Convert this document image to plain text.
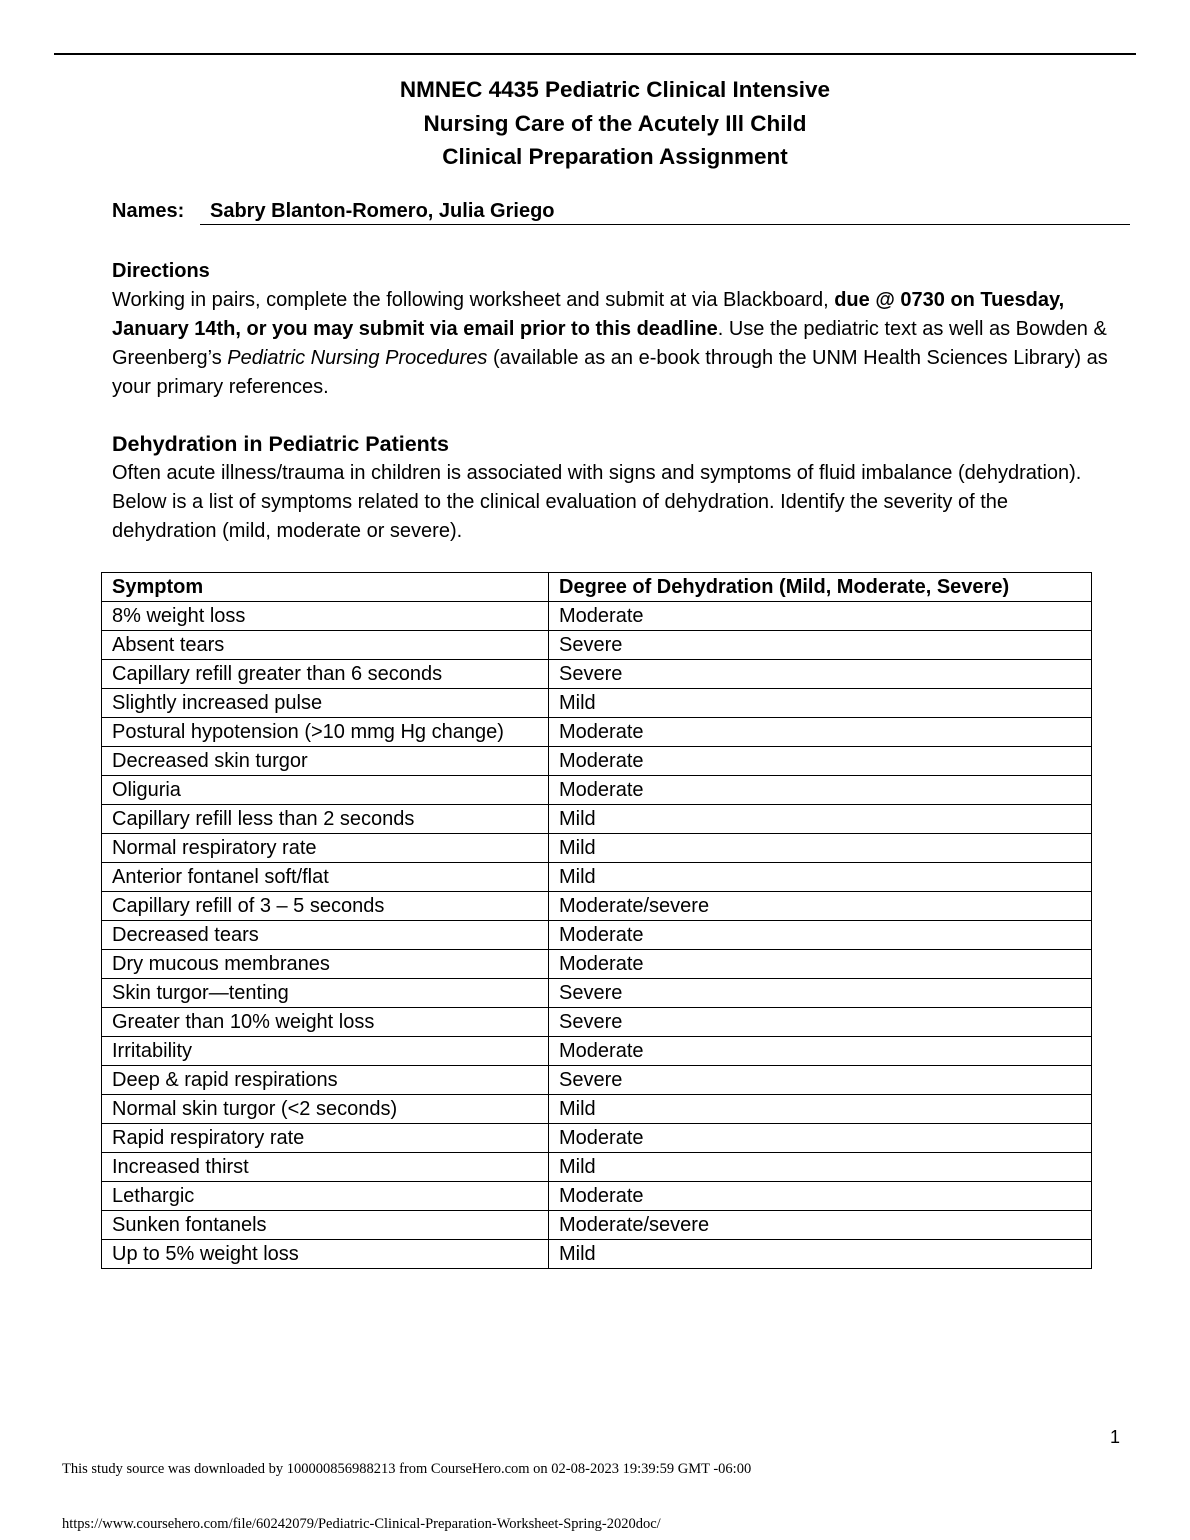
NMNEC 4435 Pediatric Clinical Intensive
Nursing Care of the Acutely Ill Child
Clinical Preparation Assignment
Names:	Sabry Blanton-Romero, Julia Griego
Directions
Working in pairs, complete the following worksheet and submit at via Blackboard, due @ 0730 on Tuesday, January 14th, or you may submit via email prior to this deadline. Use the pediatric text as well as Bowden & Greenberg’s Pediatric Nursing Procedures (available as an e-book through the UNM Health Sciences Library) as your primary references.
Dehydration in Pediatric Patients
Often acute illness/trauma in children is associated with signs and symptoms of fluid imbalance (dehydration). Below is a list of symptoms related to the clinical evaluation of dehydration. Identify the severity of the dehydration (mild, moderate or severe).
Symptom	Degree of Dehydration (Mild, Moderate, Severe)
8% weight loss	Moderate
Absent tears	Severe
Capillary refill greater than 6 seconds	Severe
Slightly increased pulse	Mild
Postural hypotension (>10 mmg Hg change)	Moderate
Decreased skin turgor	Moderate
Oliguria	Moderate
Capillary refill less than 2 seconds	Mild
Normal respiratory rate	Mild
Anterior fontanel soft/flat	Mild
Capillary refill of 3 – 5 seconds	Moderate/severe
Decreased tears	Moderate
Dry mucous membranes	Moderate
Skin turgor—tenting	Severe
Greater than 10% weight loss	Severe
Irritability	Moderate
Deep & rapid respirations	Severe
Normal skin turgor (<2 seconds)	Mild
Rapid respiratory rate	Moderate
Increased thirst	Mild
Lethargic	Moderate
Sunken fontanels	Moderate/severe
Up to 5% weight loss	Mild
1
This study source was downloaded by 100000856988213 from CourseHero.com on 02-08-2023 19:39:59 GMT -06:00
https://www.coursehero.com/file/60242079/Pediatric-Clinical-Preparation-Worksheet-Spring-2020doc/
